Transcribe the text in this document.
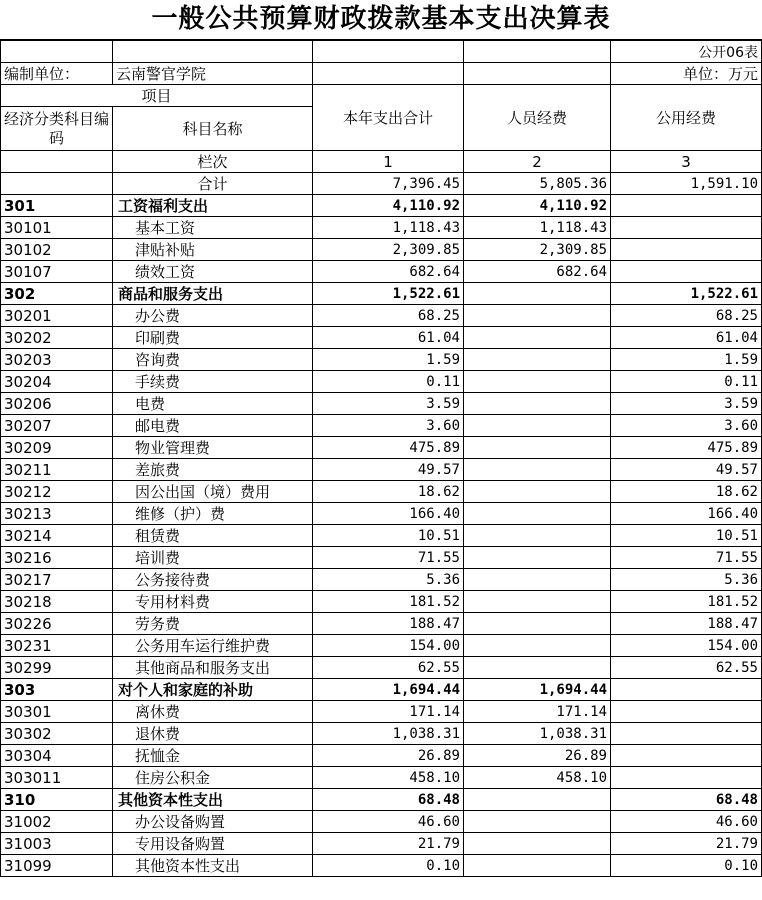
一般公共预算财政拨款基本支出决算表
				公开06表
编制单位：	云南警官学院			单位：万元
项目		本年支出合计	人员经费	公用经费
经济分类科目编码	科目名称			

	栏次	1	2	3
	合计	7,396.45	5,805.36	1,591.10
301	工资福利支出	4,110.92	4,110.92	
30101	基本工资	1,118.43	1,118.43	
30102	津贴补贴	2,309.85	2,309.85	
30107	绩效工资	682.64	682.64	
302	商品和服务支出	1,522.61		1,522.61
30201	办公费	68.25		68.25
30202	印刷费	61.04		61.04
30203	咨询费	1.59		1.59
30204	手续费	0.11		0.11
30206	电费	3.59		3.59
30207	邮电费	3.60		3.60
30209	物业管理费	475.89		475.89
30211	差旅费	49.57		49.57
30212	因公出国（境）费用	18.62		18.62
30213	维修（护）费	166.40		166.40
30214	租赁费	10.51		10.51
30216	培训费	71.55		71.55
30217	公务接待费	5.36		5.36
30218	专用材料费	181.52		181.52
30226	劳务费	188.47		188.47
30231	公务用车运行维护费	154.00		154.00
30299	其他商品和服务支出	62.55		62.55
303	对个人和家庭的补助	1,694.44	1,694.44	
30301	离休费	171.14	171.14	
30302	退休费	1,038.31	1,038.31	
30304	抚恤金	26.89	26.89	
303011	住房公积金	458.10	458.10	
310	其他资本性支出	68.48		68.48
31002	办公设备购置	46.60		46.60
31003	专用设备购置	21.79		21.79
31099	其他资本性支出	0.10		0.10
